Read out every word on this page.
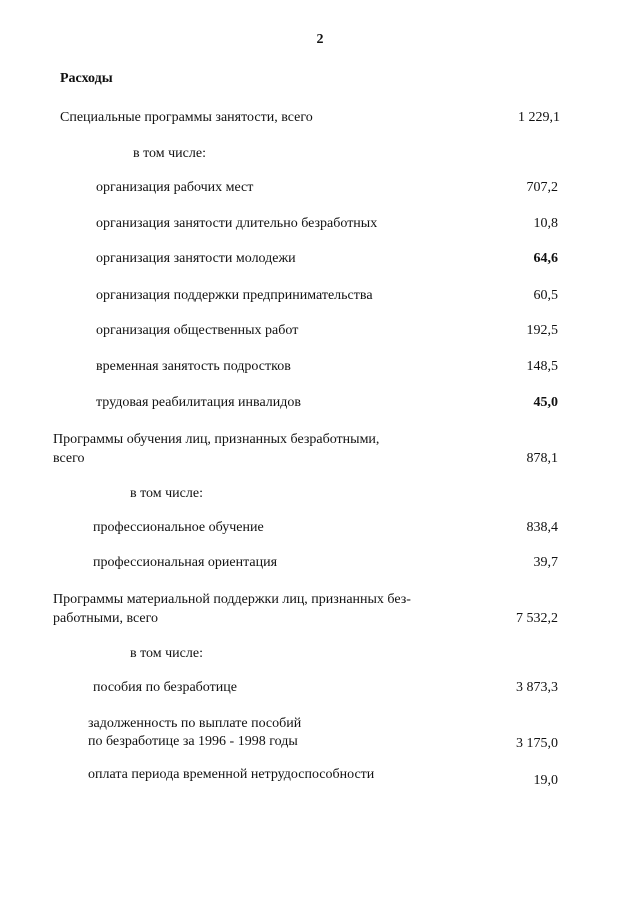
2
Расходы
Специальные программы занятости, всего	1 229,1
в том числе:
организация рабочих мест	707,2
организация занятости длительно безработных	10,8
организация занятости молодежи	64,6
организация поддержки предпринимательства	60,5
организация общественных работ	192,5
временная занятость подростков	148,5
трудовая реабилитация инвалидов	45,0
Программы обучения лиц, признанных безработными,
всего	878,1
в том числе:
профессиональное обучение	838,4
профессиональная ориентация	39,7
Программы материальной поддержки лиц, признанных без-
работными, всего	7 532,2
в том числе:
пособия по безработице	3 873,3
задолженность по выплате пособий
по безработице за 1996 - 1998 годы	3 175,0
оплата периода временной нетрудоспособности	19,0
